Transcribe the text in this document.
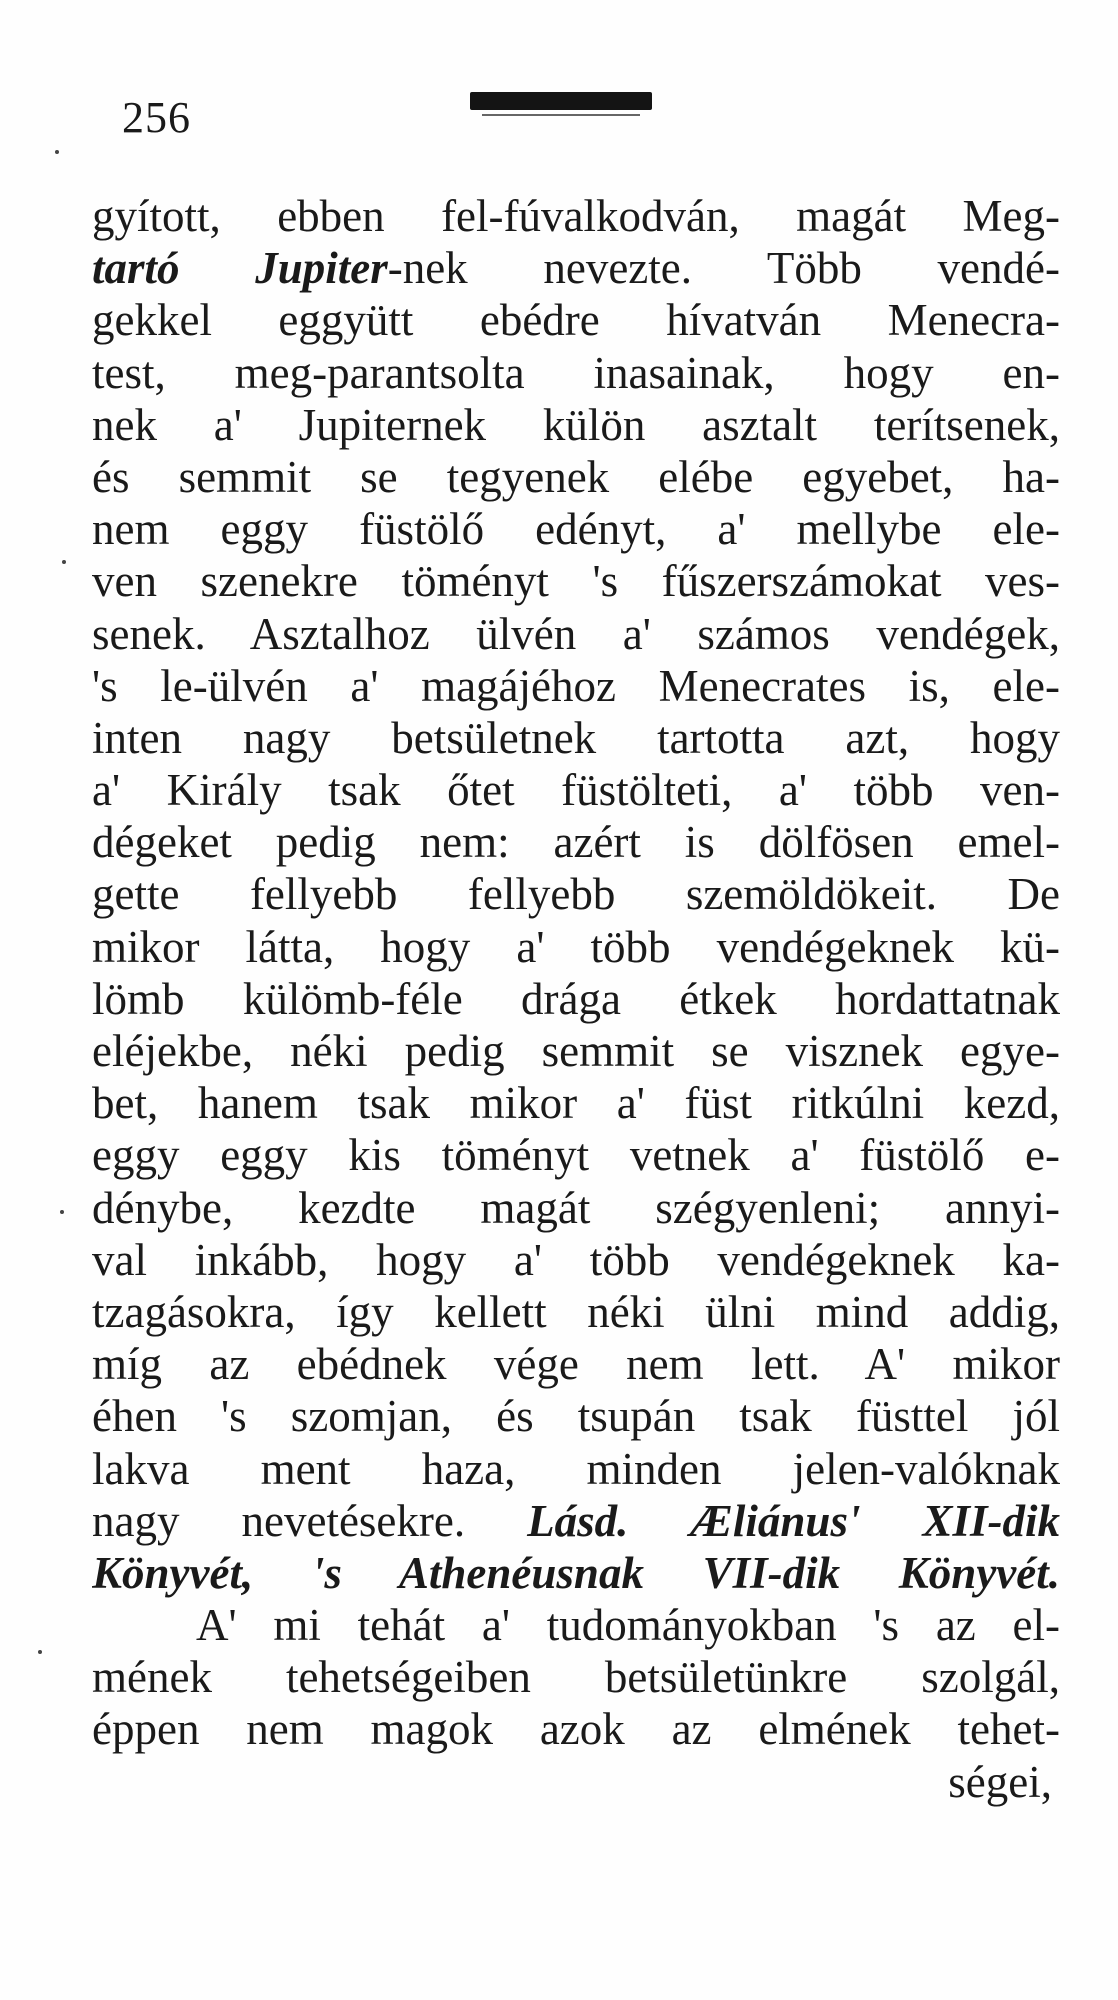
256
gyított, ebben fel-fúvalkodván, magát Meg-
tartó Jupiter-nek nevezte. Több vendé-
gekkel eggyütt ebédre hívatván Menecra-
test, meg-parantsolta inasainak, hogy en-
nek a' Jupiternek külön asztalt terítsenek,
és semmit se tegyenek elébe egyebet, ha-
nem eggy füstölő edényt, a' mellybe ele-
ven szenekre töményt 's fűszerszámokat ves-
senek. Asztalhoz ülvén a' számos vendégek,
's le-ülvén a' magájéhoz Menecrates is, ele-
inten nagy betsületnek tartotta azt, hogy
a' Király tsak őtet füstölteti, a' több ven-
dégeket pedig nem: azért is dölfösen emel-
gette fellyebb fellyebb szemöldökeit. De
mikor látta, hogy a' több vendégeknek kü-
lömb külömb-féle drága étkek hordattatnak
eléjekbe, néki pedig semmit se visznek egye-
bet, hanem tsak mikor a' füst ritkúlni kezd,
eggy eggy kis töményt vetnek a' füstölő e-
dénybe, kezdte magát szégyenleni; annyi-
val inkább, hogy a' több vendégeknek ka-
tzagásokra, így kellett néki ülni mind addig,
míg az ebédnek vége nem lett. A' mikor
éhen 's szomjan, és tsupán tsak füsttel jól
lakva ment haza, minden jelen-valóknak
nagy nevetésekre. Lásd. Æliánus' XII-dik
Könyvét, 's Athenéusnak VII-dik Könyvét.
A' mi tehát a' tudományokban 's az el-
mének tehetségeiben betsületünkre szolgál,
éppen nem magok azok az elmének tehet-
ségei,
